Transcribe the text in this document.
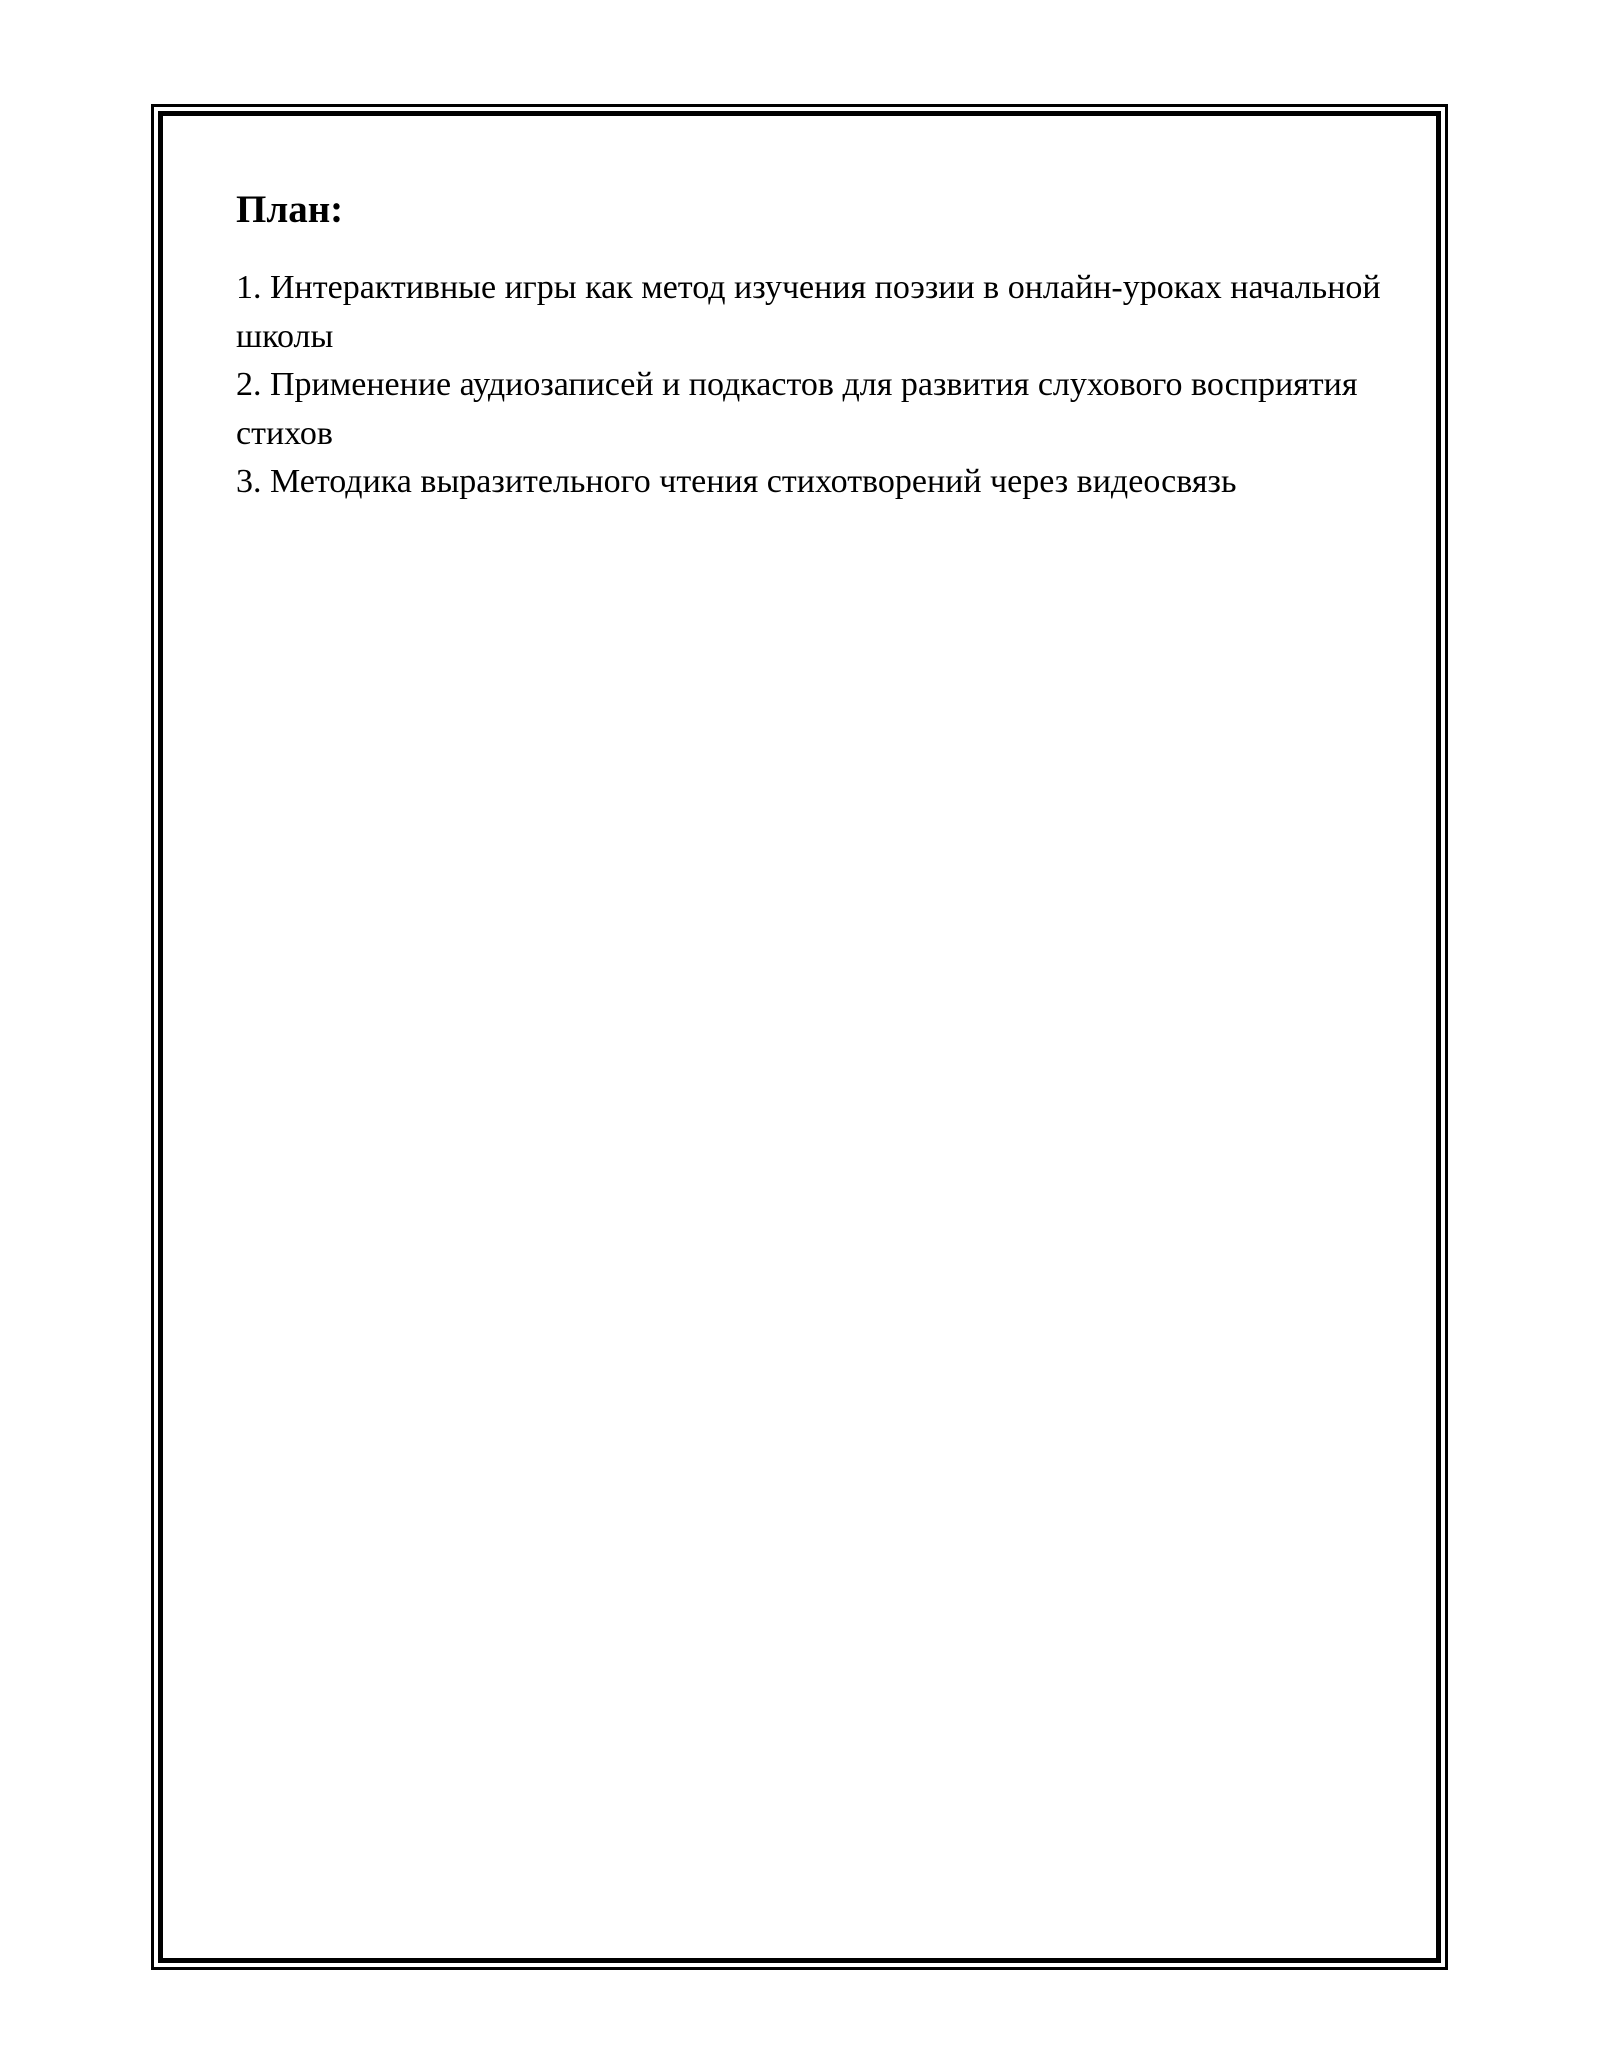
План:
1. Интерактивные игры как метод изучения поэзии в онлайн-уроках начальной школы
2. Применение аудиозаписей и подкастов для развития слухового восприятия стихов
3. Методика выразительного чтения стихотворений через видеосвязь
